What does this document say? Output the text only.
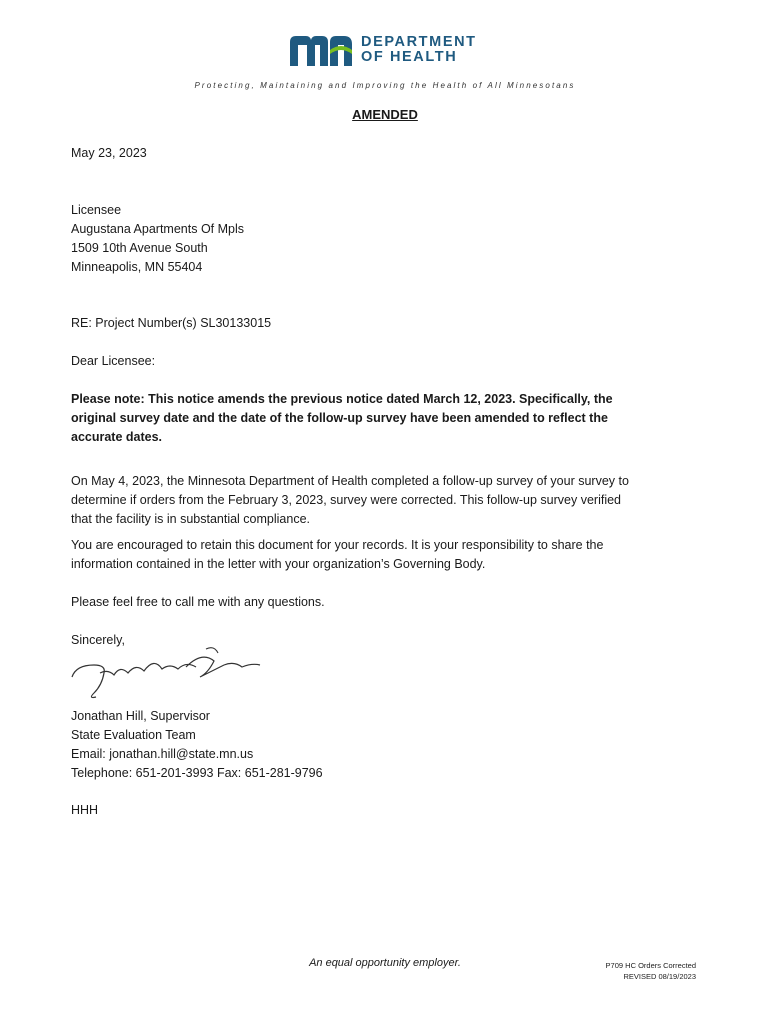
DEPARTMENT
OF HEALTH
Protecting, Maintaining and Improving the Health of All Minnesotans
AMENDED
May 23, 2023
Licensee
Augustana Apartments Of Mpls
1509 10th Avenue South
Minneapolis, MN 55404
RE: Project Number(s) SL30133015
Dear Licensee:
Please note: This notice amends the previous notice dated March 12, 2023. Specifically, the
original survey date and the date of the follow-up survey have been amended to reflect the
accurate dates.
On May 4, 2023, the Minnesota Department of Health completed a follow-up survey of your survey to
determine if orders from the February 3, 2023, survey were corrected. This follow-up survey verified
that the facility is in substantial compliance.
You are encouraged to retain this document for your records. It is your responsibility to share the
information contained in the letter with your organization’s Governing Body.
Please feel free to call me with any questions.
Sincerely,
Jonathan Hill, Supervisor
State Evaluation Team
Email: jonathan.hill@state.mn.us
Telephone: 651-201-3993 Fax: 651-281-9796
HHH
An equal opportunity employer.	P709 HC Orders Corrected
REVISED 08/19/2023
